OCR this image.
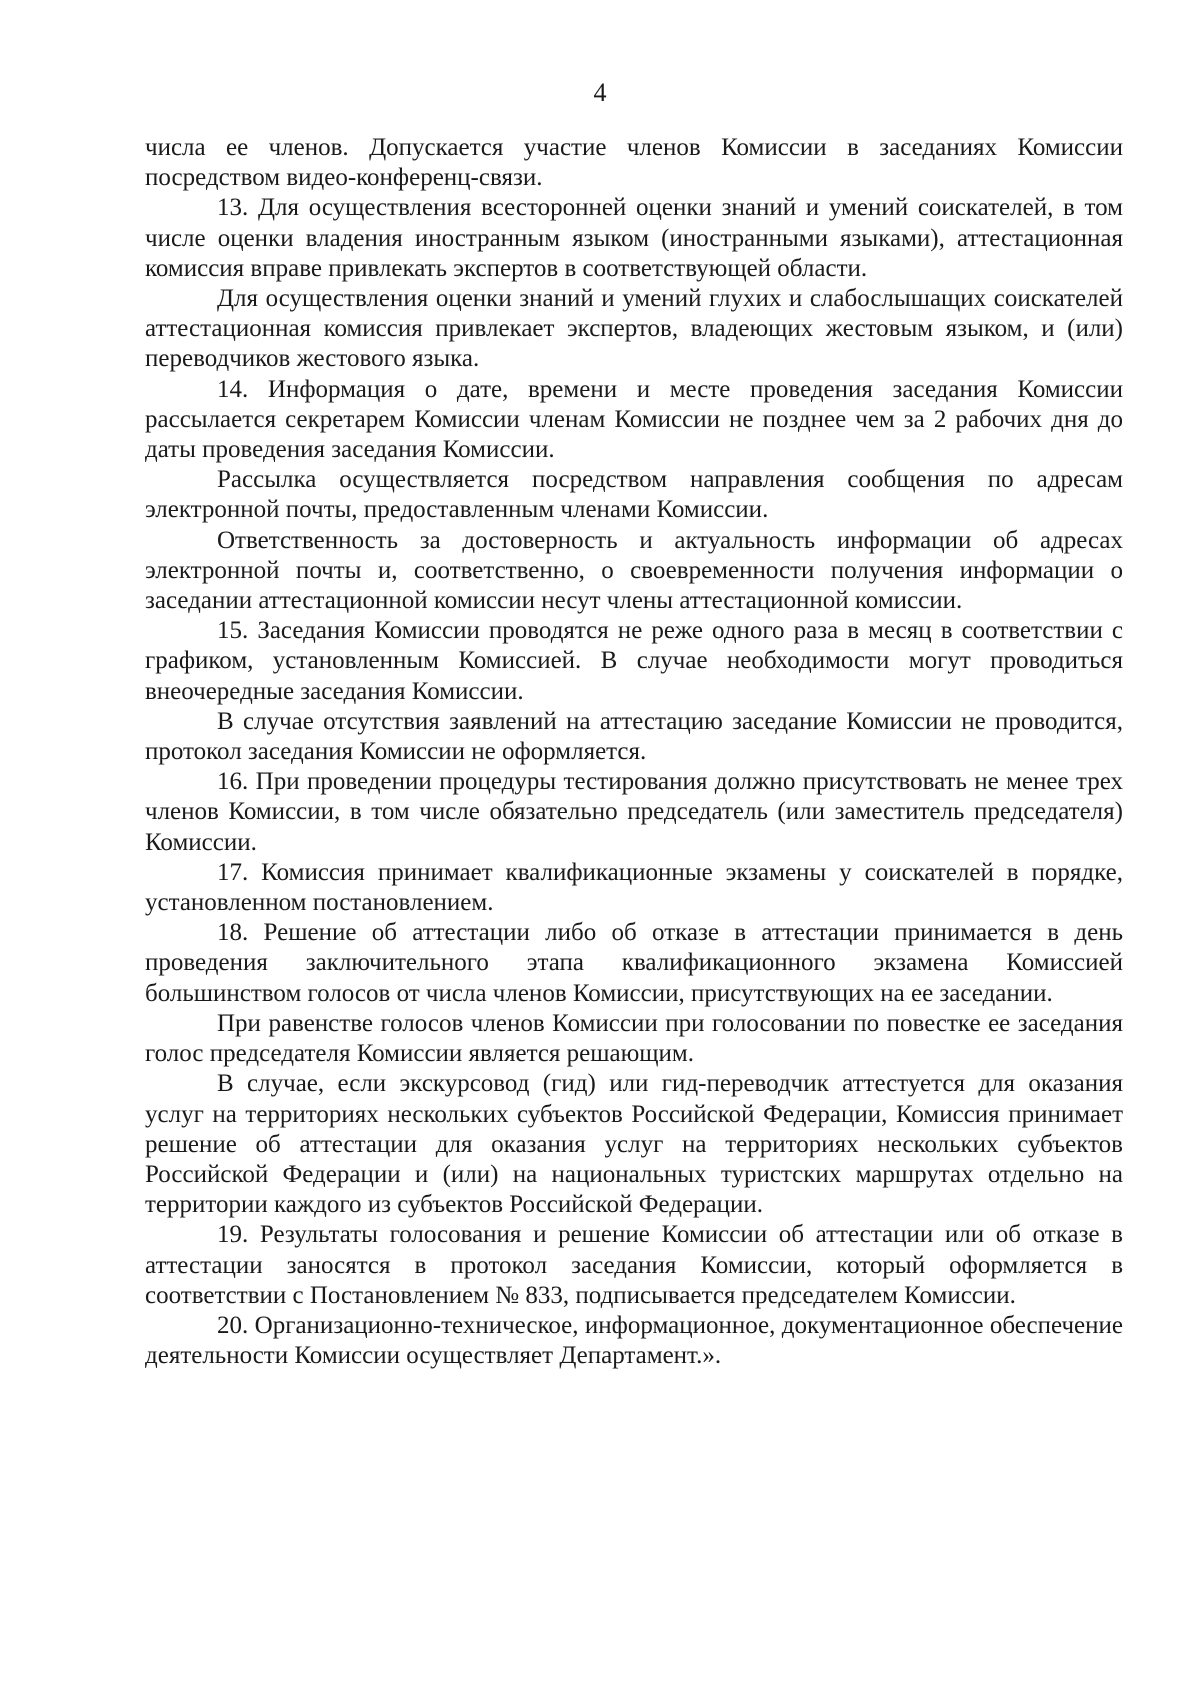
4

числа ее членов. Допускается участие членов Комиссии в заседаниях Комиссии посредством видео-конференц-связи.

13. Для осуществления всесторонней оценки знаний и умений соискателей, в том числе оценки владения иностранным языком (иностранными языками), аттестационная комиссия вправе привлекать экспертов в соответствующей области.

Для осуществления оценки знаний и умений глухих и слабослышащих соискателей аттестационная комиссия привлекает экспертов, владеющих жестовым языком, и (или) переводчиков жестового языка.

14. Информация о дате, времени и месте проведения заседания Комиссии рассылается секретарем Комиссии членам Комиссии не позднее чем за 2 рабочих дня до даты проведения заседания Комиссии.

Рассылка осуществляется посредством направления сообщения по адресам электронной почты, предоставленным членами Комиссии.

Ответственность за достоверность и актуальность информации об адресах электронной почты и, соответственно, о своевременности получения информации о заседании аттестационной комиссии несут члены аттестационной комиссии.

15. Заседания Комиссии проводятся не реже одного раза в месяц в соответствии с графиком, установленным Комиссией. В случае необходимости могут проводиться внеочередные заседания Комиссии.

В случае отсутствия заявлений на аттестацию заседание Комиссии не проводится, протокол заседания Комиссии не оформляется.

16. При проведении процедуры тестирования должно присутствовать не менее трех членов Комиссии, в том числе обязательно председатель (или заместитель председателя) Комиссии.

17. Комиссия принимает квалификационные экзамены у соискателей в порядке, установленном постановлением.

18. Решение об аттестации либо об отказе в аттестации принимается в день проведения заключительного этапа квалификационного экзамена Комиссией большинством голосов от числа членов Комиссии, присутствующих на ее заседании.

При равенстве голосов членов Комиссии при голосовании по повестке ее заседания голос председателя Комиссии является решающим.

В случае, если экскурсовод (гид) или гид-переводчик аттестуется для оказания услуг на территориях нескольких субъектов Российской Федерации, Комиссия принимает решение об аттестации для оказания услуг на территориях нескольких субъектов Российской Федерации и (или) на национальных туристских маршрутах отдельно на территории каждого из субъектов Российской Федерации.

19. Результаты голосования и решение Комиссии об аттестации или об отказе в аттестации заносятся в протокол заседания Комиссии, который оформляется в соответствии с Постановлением № 833, подписывается председателем Комиссии.

20. Организационно-техническое, информационное, документационное обеспечение деятельности Комиссии осуществляет Департамент.».
